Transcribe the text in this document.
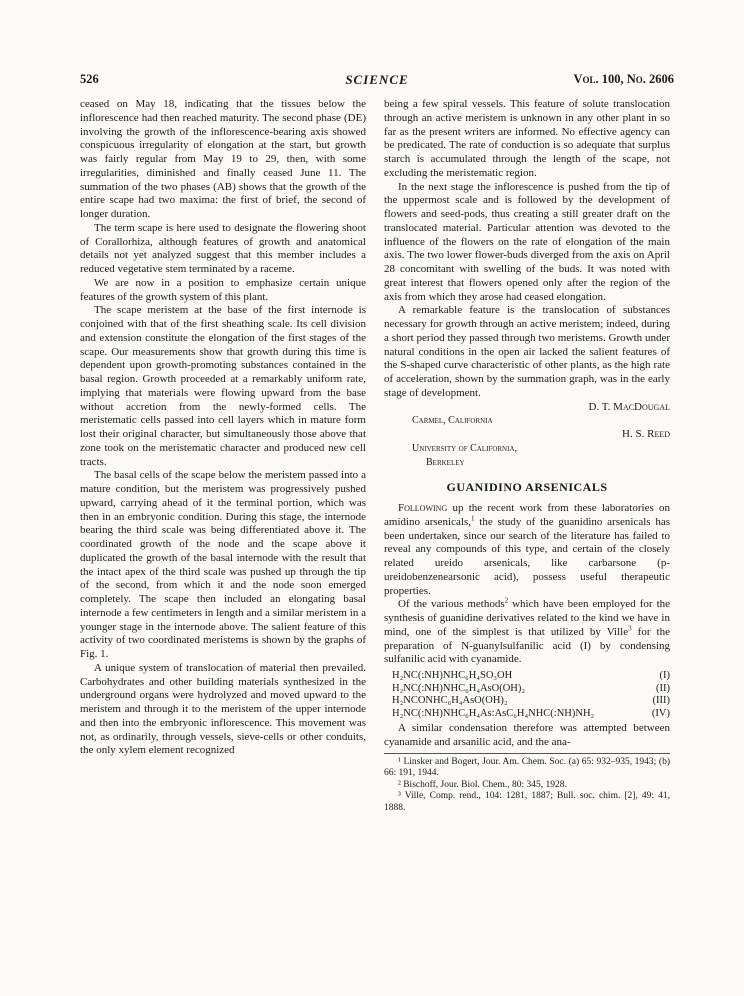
526	SCIENCE	Vol. 100, No. 2606

ceased on May 18, indicating that the tissues below the inflorescence had then reached maturity. The second phase (DE) involving the growth of the inflorescence-bearing axis showed conspicuous irregularity of elongation at the start, but growth was fairly regular from May 19 to 29, then, with some irregularities, diminished and finally ceased June 11. The summation of the two phases (AB) shows that the growth of the entire scape had two maxima: the first of brief, the second of longer duration.

The term scape is here used to designate the flowering shoot of Corallorhiza, although features of growth and anatomical details not yet analyzed suggest that this member includes a reduced vegetative stem terminated by a raceme.

We are now in a position to emphasize certain unique features of the growth system of this plant.

The scape meristem at the base of the first internode is conjoined with that of the first sheathing scale. Its cell division and extension constitute the elongation of the first stages of the scape. Our measurements show that growth during this time is dependent upon growth-promoting substances contained in the basal region. Growth proceeded at a remarkably uniform rate, implying that materials were flowing upward from the base without accretion from the newly-formed cells. The meristematic cells passed into cell layers which in mature form lost their original character, but simultaneously those above that zone took on the meristematic character and produced new cell tracts.

The basal cells of the scape below the meristem passed into a mature condition, but the meristem was progressively pushed upward, carrying ahead of it the terminal portion, which was then in an embryonic condition. During this stage, the internode bearing the third scale was being differentiated above it. The coordinated growth of the node and the scape above it duplicated the growth of the basal internode with the result that the intact apex of the third scale was pushed up through the tip of the second, from which it and the node soon emerged completely. The scape then included an elongating basal internode a few centimeters in length and a similar meristem in a younger stage in the internode above. The salient feature of this activity of two coordinated meristems is shown by the graphs of Fig. 1.

A unique system of translocation of material then prevailed. Carbohydrates and other building materials synthesized in the underground organs were hydrolyzed and moved upward to the meristem and through it to the meristem of the upper internode and then into the embryonic inflorescence. This movement was not, as ordinarily, through vessels, sieve-cells or other conduits, the only xylem element recognized

being a few spiral vessels. This feature of solute translocation through an active meristem is unknown in any other plant in so far as the present writers are informed. No effective agency can be predicated. The rate of conduction is so adequate that surplus starch is accumulated through the length of the scape, not excluding the meristematic region.

In the next stage the inflorescence is pushed from the tip of the uppermost scale and is followed by the development of flowers and seed-pods, thus creating a still greater draft on the translocated material. Particular attention was devoted to the influence of the flowers on the rate of elongation of the main axis. The two lower flower-buds diverged from the axis on April 28 concomitant with swelling of the buds. It was noted with great interest that flowers opened only after the region of the axis from which they arose had ceased elongation.

A remarkable feature is the translocation of substances necessary for growth through an active meristem; indeed, during a short period they passed through two meristems. Growth under natural conditions in the open air lacked the salient features of the S-shaped curve characteristic of other plants, as the high rate of acceleration, shown by the summation graph, was in the early stage of development.

D. T. MacDougal

Carmel, California

H. S. Reed

University of California,

Berkeley

GUANIDINO ARSENICALS

Following up the recent work from these laboratories on amidino arsenicals,$^1$ the study of the guanidino arsenicals has been undertaken, since our search of the literature has failed to reveal any compounds of this type, and certain of the closely related ureido arsenicals, like carbarsone (p-ureidobenzenearsonic acid), possess useful therapeutic properties.

Of the various methods$^2$ which have been employed for the synthesis of guanidine derivatives related to the kind we have in mind, one of the simplest is that utilized by Ville$^3$ for the preparation of N-guanylsulfanilic acid (I) by condensing sulfanilic acid with cyanamide.

H₂NC(:NH)NHC₆H₄SO₃OH	(I)
H₂NC(:NH)NHC₆H₄AsO(OH)₂	(II)
H₂NCONHC₆H₄AsO(OH)₂	(III)
H₂NC(:NH)NHC₆H₄As:AsC₆H₄NHC(:NH)NH₂	(IV)

A similar condensation therefore was attempted between cyanamide and arsanilic acid, and the ana-

¹ Linsker and Bogert, Jour. Am. Chem. Soc. (a) 65: 932–935, 1943; (b) 66: 191, 1944.

² Bischoff, Jour. Biol. Chem., 80: 345, 1928.

³ Ville, Comp. rend., 104: 1281, 1887; Bull. soc. chim. [2], 49: 41, 1888.
